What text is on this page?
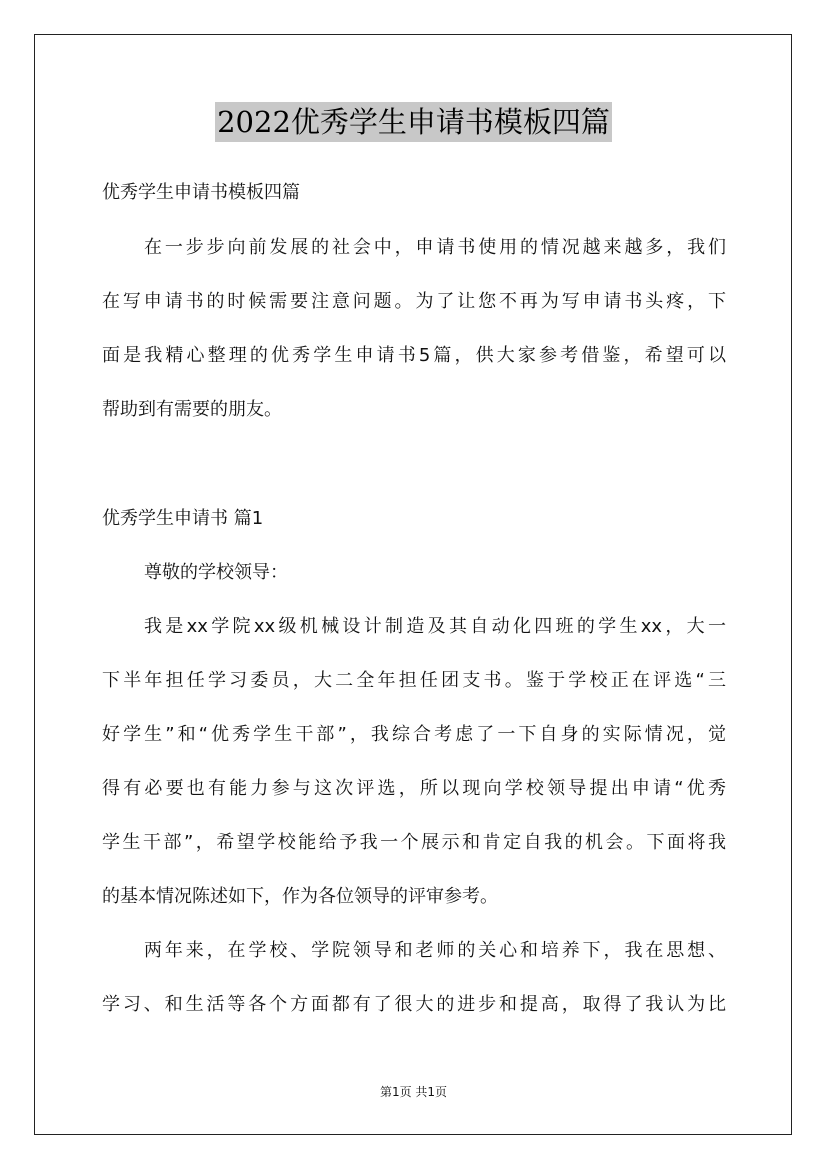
2022优秀学生申请书模板四篇
优秀学生申请书模板四篇
在一步步向前发展的社会中，申请书使用的情况越来越多，我们
在写申请书的时候需要注意问题。为了让您不再为写申请书头疼，下
面是我精心整理的优秀学生申请书5篇，供大家参考借鉴，希望可以
帮助到有需要的朋友。
优秀学生申请书 篇1
尊敬的学校领导：
我是xx学院xx级机械设计制造及其自动化四班的学生xx，大一
下半年担任学习委员，大二全年担任团支书。鉴于学校正在评选“三
好学生”和“优秀学生干部”，我综合考虑了一下自身的实际情况，觉
得有必要也有能力参与这次评选，所以现向学校领导提出申请“优秀
学生干部”，希望学校能给予我一个展示和肯定自我的机会。下面将我
的基本情况陈述如下，作为各位领导的评审参考。
两年来，在学校、学院领导和老师的关心和培养下，我在思想、
学习、和生活等各个方面都有了很大的进步和提高，取得了我认为比
第1页 共1页
